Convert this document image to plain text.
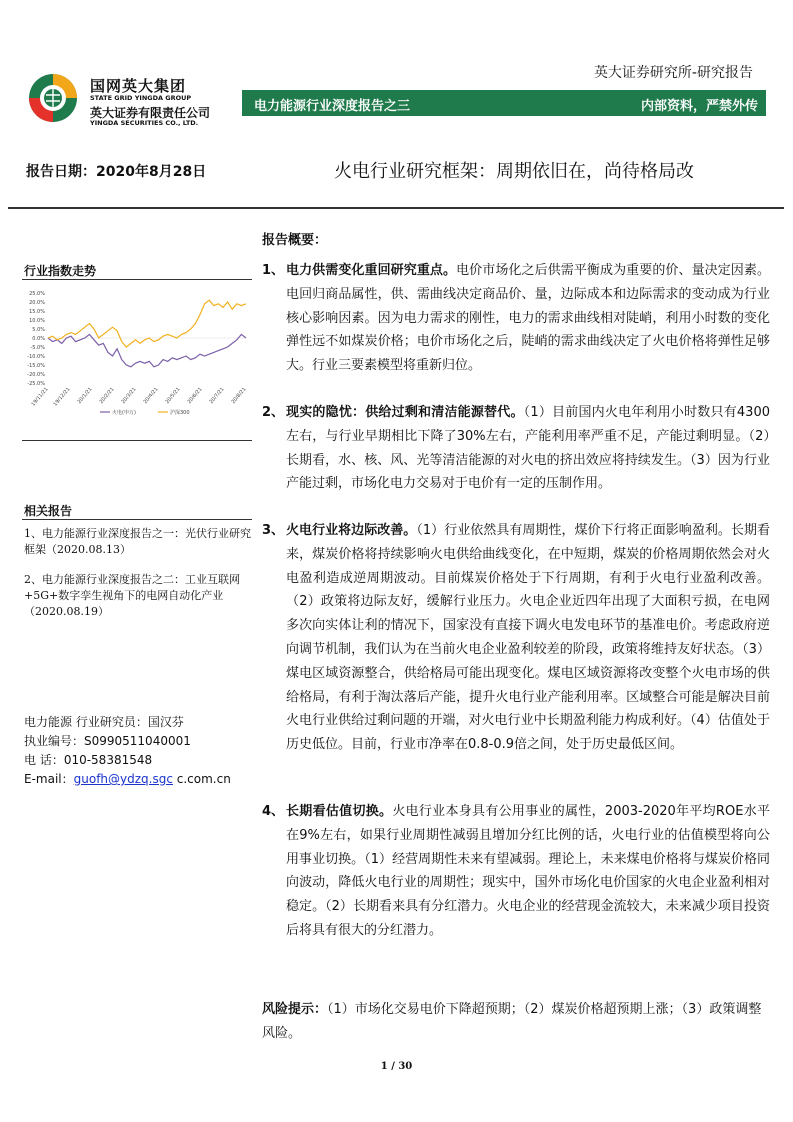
国网英大集团
STATE GRID YINGDA GROUP
英大证券有限责任公司
YINGDA SECURITIES CO., LTD.
英大证券研究所-研究报告
电力能源行业深度报告之三	内部资料，严禁外传
报告日期：2020年8月28日	火电行业研究框架：周期依旧在，尚待格局改
行业指数走势
25.0%
20.0%
15.0%
10.0%
5.0%
0.0%
-5.0%
-10.0%
-15.0%
-20.0%
-25.0%
19/11/21 19/12/21 20/1/21 20/2/21 20/3/21 20/4/21 20/5/21 20/6/21 20/7/21 20/8/21
火电(申万)	沪深300
相关报告
1、电力能源行业深度报告之一：光伏行业研究框架（2020.08.13）
2、电力能源行业深度报告之二：工业互联网+5G+数字孪生视角下的电网自动化产业（2020.08.19）
电力能源 行业研究员：国汉芬
执业编号：S0990511040001
电 话：010-58381548
E-mail：guofh@ydzq.sgc c.com.cn
报告概要：
1、 电力供需变化重回研究重点。电价市场化之后供需平衡成为重要的价、量决定因素。电回归商品属性，供、需曲线决定商品价、量，边际成本和边际需求的变动成为行业核心影响因素。因为电力需求的刚性，电力的需求曲线相对陡峭，利用小时数的变化弹性远不如煤炭价格；电价市场化之后，陡峭的需求曲线决定了火电价格将弹性足够大。行业三要素模型将重新归位。
2、 现实的隐忧：供给过剩和清洁能源替代。（1）目前国内火电年利用小时数只有4300左右，与行业早期相比下降了30%左右，产能利用率严重不足，产能过剩明显。（2）长期看，水、核、风、光等清洁能源的对火电的挤出效应将持续发生。（3）因为行业产能过剩，市场化电力交易对于电价有一定的压制作用。
3、 火电行业将边际改善。（1）行业依然具有周期性，煤价下行将正面影响盈利。长期看来，煤炭价格将持续影响火电供给曲线变化，在中短期，煤炭的价格周期依然会对火电盈利造成逆周期波动。目前煤炭价格处于下行周期，有利于火电行业盈利改善。（2）政策将边际友好，缓解行业压力。火电企业近四年出现了大面积亏损，在电网多次向实体让利的情况下，国家没有直接下调火电发电环节的基准电价。考虑政府逆向调节机制，我们认为在当前火电企业盈利较差的阶段，政策将维持友好状态。（3）煤电区域资源整合，供给格局可能出现变化。煤电区域资源将改变整个火电市场的供给格局，有利于淘汰落后产能，提升火电行业产能利用率。区域整合可能是解决目前火电行业供给过剩问题的开端，对火电行业中长期盈利能力构成利好。（4）估值处于历史低位。目前，行业市净率在0.8-0.9倍之间，处于历史最低区间。
4、 长期看估值切换。火电行业本身具有公用事业的属性，2003-2020年平均ROE水平在9%左右，如果行业周期性减弱且增加分红比例的话，火电行业的估值模型将向公用事业切换。（1）经营周期性未来有望减弱。理论上，未来煤电价格将与煤炭价格同向波动，降低火电行业的周期性；现实中，国外市场化电价国家的火电企业盈利相对稳定。（2）长期看来具有分红潜力。火电企业的经营现金流较大，未来减少项目投资后将具有很大的分红潜力。
风险提示：（1）市场化交易电价下降超预期；（2）煤炭价格超预期上涨；（3）政策调整风险。
1 / 30
